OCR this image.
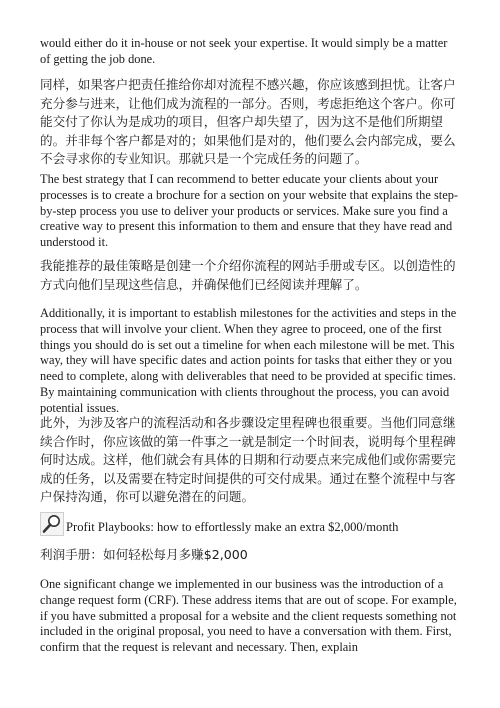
would either do it in-house or not seek your expertise. It would simply be a matter of getting the job done.

同样，如果客户把责任推给你却对流程不感兴趣，你应该感到担忧。让客户充分参与进来，让他们成为流程的一部分。否则，考虑拒绝这个客户。你可能交付了你认为是成功的项目，但客户却失望了，因为这不是他们所期望的。并非每个客户都是对的；如果他们是对的，他们要么会内部完成，要么不会寻求你的专业知识。那就只是一个完成任务的问题了。

The best strategy that I can recommend to better educate your clients about your processes is to create a brochure for a section on your website that explains the step-by-step process you use to deliver your products or services. Make sure you find a creative way to present this information to them and ensure that they have read and understood it.

我能推荐的最佳策略是创建一个介绍你流程的网站手册或专区。以创造性的方式向他们呈现这些信息，并确保他们已经阅读并理解了。

Additionally, it is important to establish milestones for the activities and steps in the process that will involve your client. When they agree to proceed, one of the first things you should do is set out a timeline for when each milestone will be met. This way, they will have specific dates and action points for tasks that either they or you need to complete, along with deliverables that need to be provided at specific times. By maintaining communication with clients throughout the process, you can avoid potential issues.

此外，为涉及客户的流程活动和各步骤设定里程碑也很重要。当他们同意继续合作时，你应该做的第一件事之一就是制定一个时间表，说明每个里程碑何时达成。这样，他们就会有具体的日期和行动要点来完成他们或你需要完成的任务，以及需要在特定时间提供的可交付成果。通过在整个流程中与客户保持沟通，你可以避免潜在的问题。

Profit Playbooks: how to effortlessly make an extra $2,000/month

利润手册：如何轻松每月多赚$2,000

One significant change we implemented in our business was the introduction of a change request form (CRF). These address items that are out of scope. For example, if you have submitted a proposal for a website and the client requests something not included in the original proposal, you need to have a conversation with them. First, confirm that the request is relevant and necessary. Then, explain
